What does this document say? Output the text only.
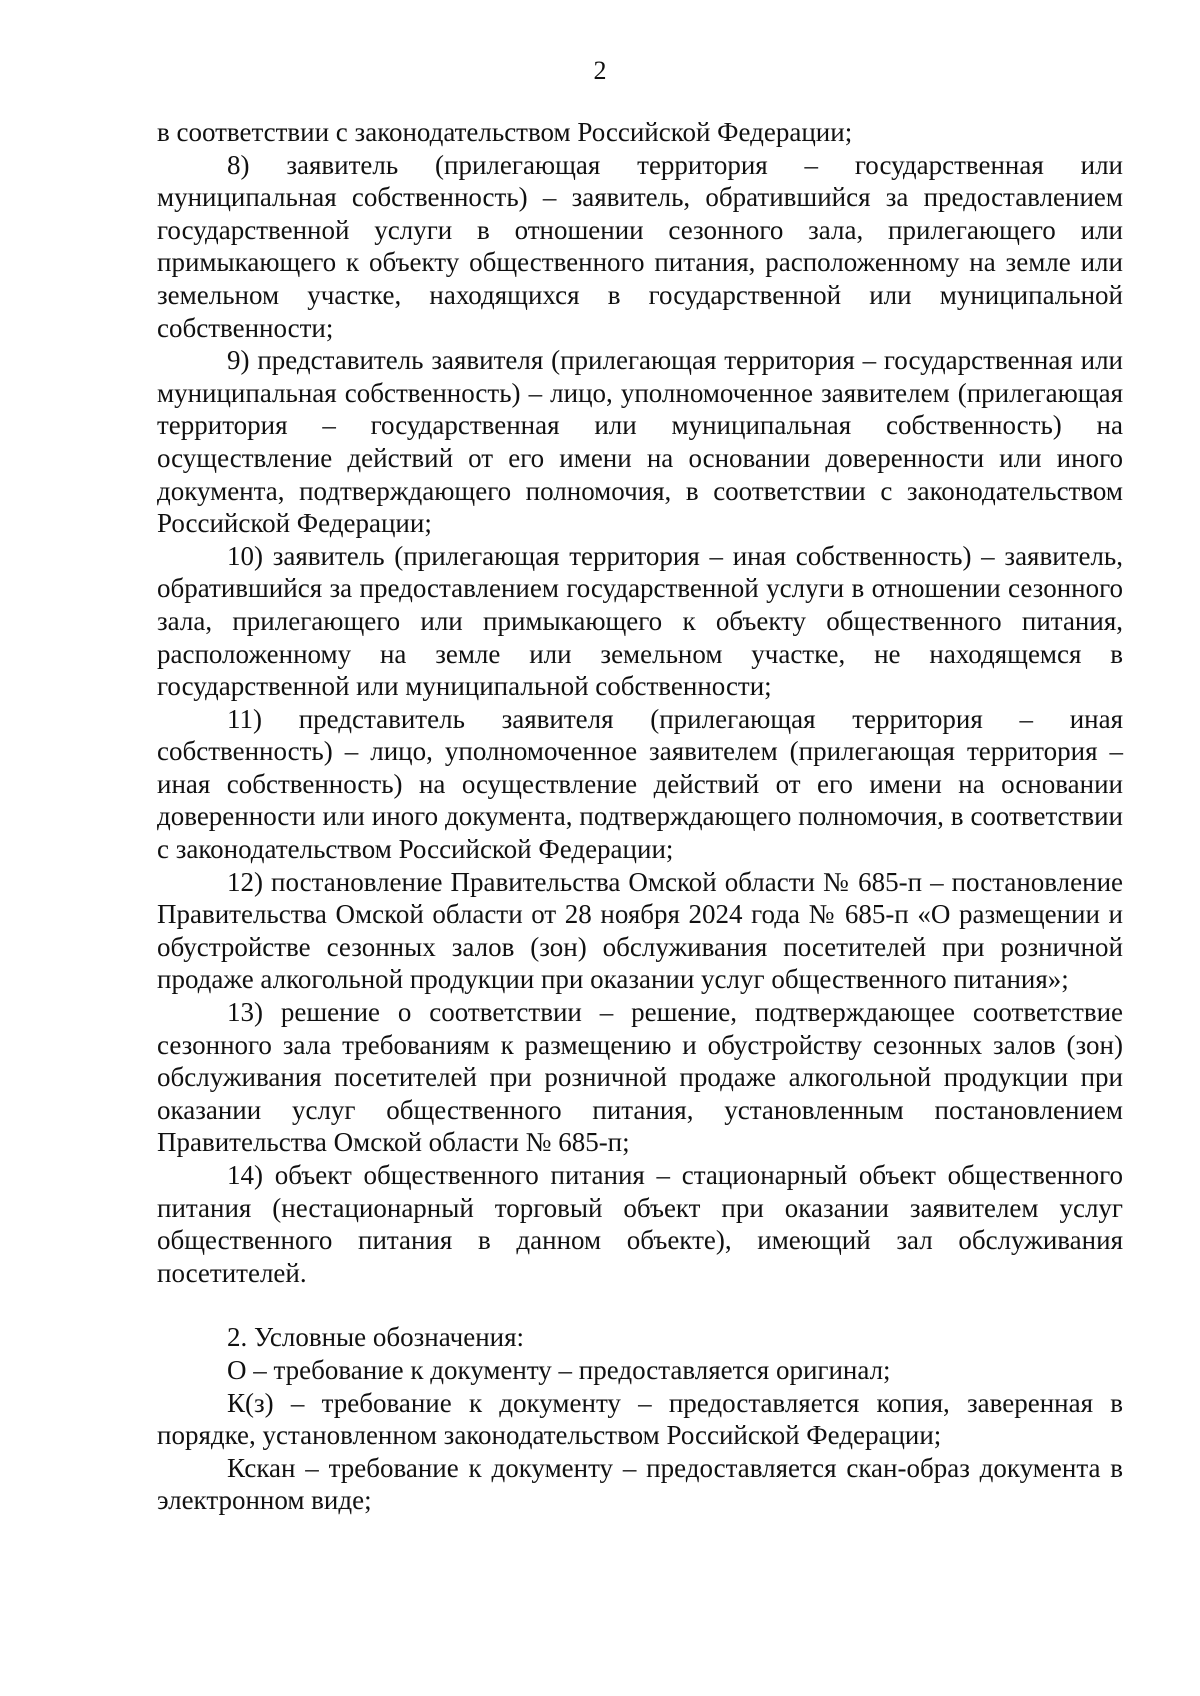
2

в соответствии с законодательством Российской Федерации;

8) заявитель (прилегающая территория – государственная или муниципальная собственность) – заявитель, обратившийся за предоставлением государственной услуги в отношении сезонного зала, прилегающего или примыкающего к объекту общественного питания, расположенному на земле или земельном участке, находящихся в государственной или муниципальной собственности;

9) представитель заявителя (прилегающая территория – государственная или муниципальная собственность) – лицо, уполномоченное заявителем (прилегающая территория – государственная или муниципальная собственность) на осуществление действий от его имени на основании доверенности или иного документа, подтверждающего полномочия, в соответствии с законодательством Российской Федерации;

10) заявитель (прилегающая территория – иная собственность) – заявитель, обратившийся за предоставлением государственной услуги в отношении сезонного зала, прилегающего или примыкающего к объекту общественного питания, расположенному на земле или земельном участке, не находящемся в государственной или муниципальной собственности;

11) представитель заявителя (прилегающая территория – иная собственность) – лицо, уполномоченное заявителем (прилегающая территория – иная собственность) на осуществление действий от его имени на основании доверенности или иного документа, подтверждающего полномочия, в соответствии с законодательством Российской Федерации;

12) постановление Правительства Омской области № 685-п – постановление Правительства Омской области от 28 ноября 2024 года № 685-п «О размещении и обустройстве сезонных залов (зон) обслуживания посетителей при розничной продаже алкогольной продукции при оказании услуг общественного питания»;

13) решение о соответствии – решение, подтверждающее соответствие сезонного зала требованиям к размещению и обустройству сезонных залов (зон) обслуживания посетителей при розничной продаже алкогольной продукции при оказании услуг общественного питания, установленным постановлением Правительства Омской области № 685-п;

14) объект общественного питания – стационарный объект общественного питания (нестационарный торговый объект при оказании заявителем услуг общественного питания в данном объекте), имеющий зал обслуживания посетителей.

2. Условные обозначения:

О – требование к документу – предоставляется оригинал;

К(з) – требование к документу – предоставляется копия, заверенная в порядке, установленном законодательством Российской Федерации;

Кскан – требование к документу – предоставляется скан-образ документа в электронном виде;
